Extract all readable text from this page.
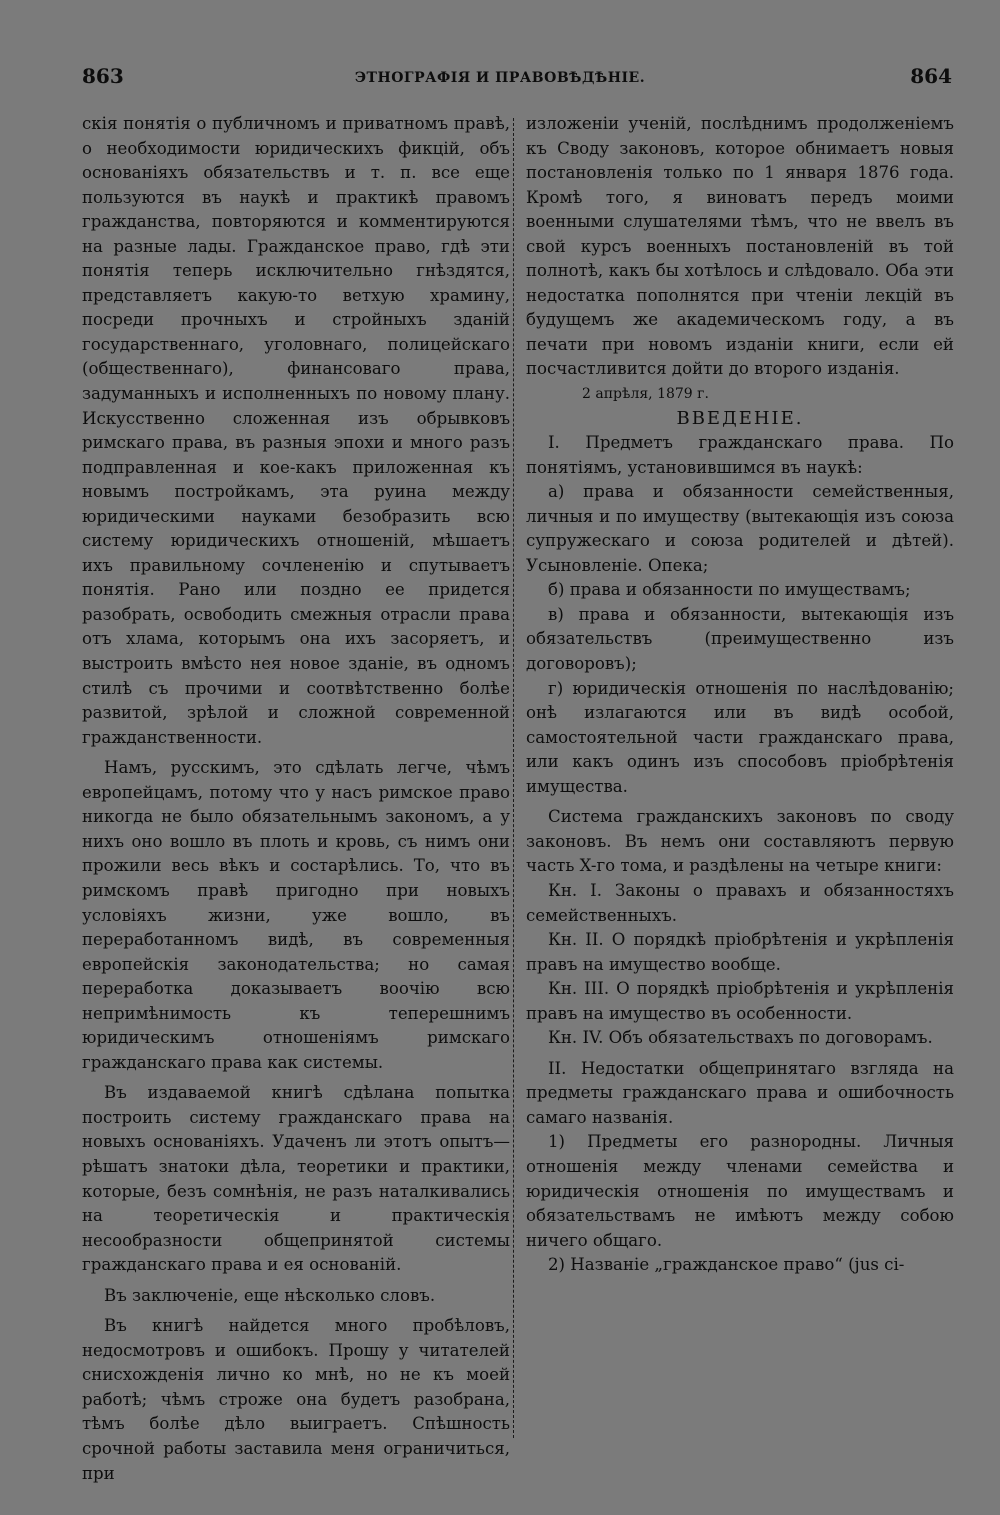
863	ЭТНОГРАФІЯ И ПРАВОВѢДѢНІЕ.	864

скія понятія о публичномъ и приватномъ правѣ, о необходимости юридическихъ фикцій, объ основаніяхъ обязательствъ и т. п. все еще пользуются въ наукѣ и практикѣ правомъ гражданства, повторяются и комментируются на разные лады. Гражданское право, гдѣ эти понятія теперь исключительно гнѣздятся, представляетъ какую-то ветхую храмину, посреди прочныхъ и стройныхъ зданій государственнаго, уголовнаго, полицейскаго (общественнаго), финансоваго права, задуманныхъ и исполненныхъ по новому плану. Искусственно сложенная изъ обрывковъ римскаго права, въ разныя эпохи и много разъ подправленная и кое-какъ приложенная къ новымъ постройкамъ, эта руина между юридическими науками безобразить всю систему юридическихъ отношеній, мѣшаетъ ихъ правильному сочлененію и спутываетъ понятія. Рано или поздно ее придется разобрать, освободить смежныя отрасли права отъ хлама, которымъ она ихъ засоряетъ, и выстроить вмѣсто нея новое зданіе, въ одномъ стилѣ съ прочими и соотвѣтственно болѣе развитой, зрѣлой и сложной современной гражданственности.

Намъ, русскимъ, это сдѣлать легче, чѣмъ европейцамъ, потому что у насъ римское право никогда не было обязательнымъ закономъ, а у нихъ оно вошло въ плоть и кровь, съ нимъ они прожили весь вѣкъ и состарѣлись. То, что въ римскомъ правѣ пригодно при новыхъ условіяхъ жизни, уже вошло, въ переработанномъ видѣ, въ современныя европейскія законодательства; но самая переработка доказываетъ воочію всю непримѣнимость къ теперешнимъ юридическимъ отношеніямъ римскаго гражданскаго права как системы.

Въ издаваемой книгѣ сдѣлана попытка построить систему гражданскаго права на новыхъ основаніяхъ. Удаченъ ли этотъ опытъ—рѣшатъ знатоки дѣла, теоретики и практики, которые, безъ сомнѣнія, не разъ наталкивались на теоретическія и практическія несообразности общепринятой системы гражданскаго права и ея основаній.

Въ заключеніе, еще нѣсколько словъ.

Въ книгѣ найдется много пробѣловъ, недосмотровъ и ошибокъ. Прошу у читателей снисхожденія лично ко мнѣ, но не къ моей работѣ; чѣмъ строже она будетъ разобрана, тѣмъ болѣе дѣло выиграетъ. Спѣшность срочной работы заставила меня ограничиться, при

изложеніи ученій, послѣднимъ продолженіемъ къ Своду законовъ, которое обнимаетъ новыя постановленія только по 1 января 1876 года. Кромѣ того, я виноватъ передъ моими военными слушателями тѣмъ, что не ввелъ въ свой курсъ военныхъ постановленій въ той полнотѣ, какъ бы хотѣлось и слѣдовало. Оба эти недостатка пополнятся при чтеніи лекцій въ будущемъ же академическомъ году, а въ печати при новомъ изданіи книги, если ей посчастливится дойти до второго изданія.

2 апрѣля, 1879 г.

ВВЕДЕНІЕ.

I. Предметъ гражданскаго права. По понятіямъ, установившимся въ наукѣ:

а) права и обязанности семейственныя, личныя и по имуществу (вытекающія изъ союза супружескаго и союза родителей и дѣтей). Усыновленіе. Опека;

б) права и обязанности по имуществамъ;

в) права и обязанности, вытекающія изъ обязательствъ (преимущественно изъ договоровъ);

г) юридическія отношенія по наслѣдованію; онѣ излагаются или въ видѣ особой, самостоятельной части гражданскаго права, или какъ одинъ изъ способовъ пріобрѣтенія имущества.

Система гражданскихъ законовъ по своду законовъ. Въ немъ они составляютъ первую часть X-го тома, и раздѣлены на четыре книги:

Кн. I. Законы о правахъ и обязанностяхъ семейственныхъ.

Кн. II. О порядкѣ пріобрѣтенія и укрѣпленія правъ на имущество вообще.

Кн. III. О порядкѣ пріобрѣтенія и укрѣпленія правъ на имущество въ особенности.

Кн. IV. Объ обязательствахъ по договорамъ.

II. Недостатки общепринятаго взгляда на предметы гражданскаго права и ошибочность самаго названія.

1) Предметы его разнородны. Личныя отношенія между членами семейства и юридическія отношенія по имуществамъ и обязательствамъ не имѣютъ между собою ничего общаго.

2) Названіе „гражданское право“ (jus ci-
